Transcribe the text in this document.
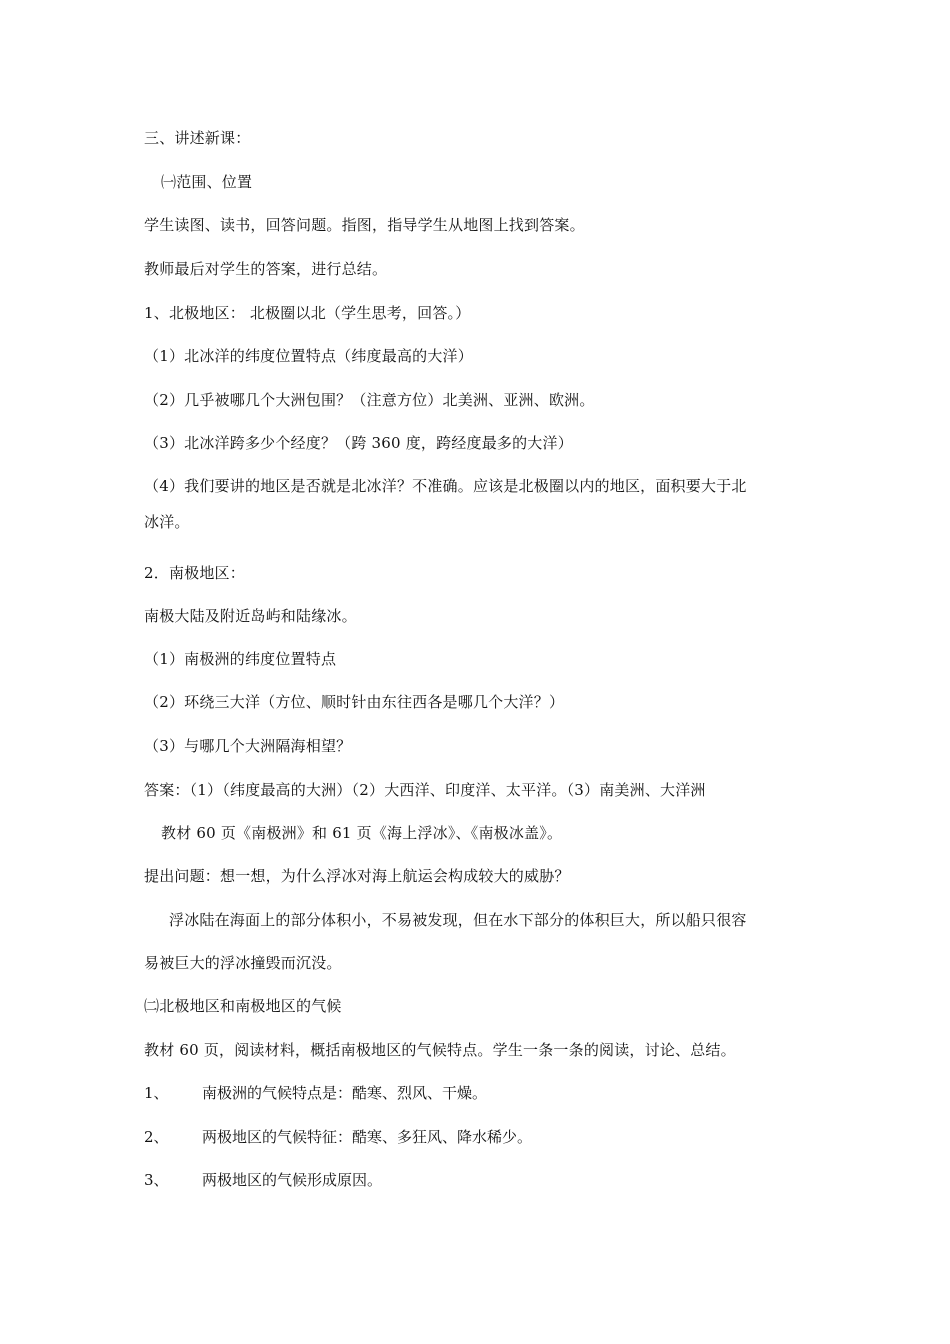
三、讲述新课：
㈠范围、位置
学生读图、读书，回答问题。指图，指导学生从地图上找到答案。
教师最后对学生的答案，进行总结。
1、北极地区： 北极圈以北（学生思考，回答。）
（1）北冰洋的纬度位置特点（纬度最高的大洋）
（2）几乎被哪几个大洲包围？（注意方位）北美洲、亚洲、欧洲。
（3）北冰洋跨多少个经度？（跨 360 度，跨经度最多的大洋）
（4）我们要讲的地区是否就是北冰洋？不准确。应该是北极圈以内的地区，面积要大于北
冰洋。
2．南极地区：
南极大陆及附近岛屿和陆缘冰。
（1）南极洲的纬度位置特点
（2）环绕三大洋（方位、顺时针由东往西各是哪几个大洋？）
（3）与哪几个大洲隔海相望？
答案：（1）（纬度最高的大洲）（2）大西洋、印度洋、太平洋。（3）南美洲、大洋洲
教材 60 页《南极洲》和 61 页《海上浮冰》、《南极冰盖》。
提出问题：想一想，为什么浮冰对海上航运会构成较大的威胁？
浮冰陆在海面上的部分体积小，不易被发现，但在水下部分的体积巨大，所以船只很容
易被巨大的浮冰撞毁而沉没。
㈡北极地区和南极地区的气候
教材 60 页，阅读材料，概括南极地区的气候特点。学生一条一条的阅读，讨论、总结。
1、 南极洲的气候特点是：酷寒、烈风、干燥。
2、 两极地区的气候特征：酷寒、多狂风、降水稀少。
3、 两极地区的气候形成原因。
